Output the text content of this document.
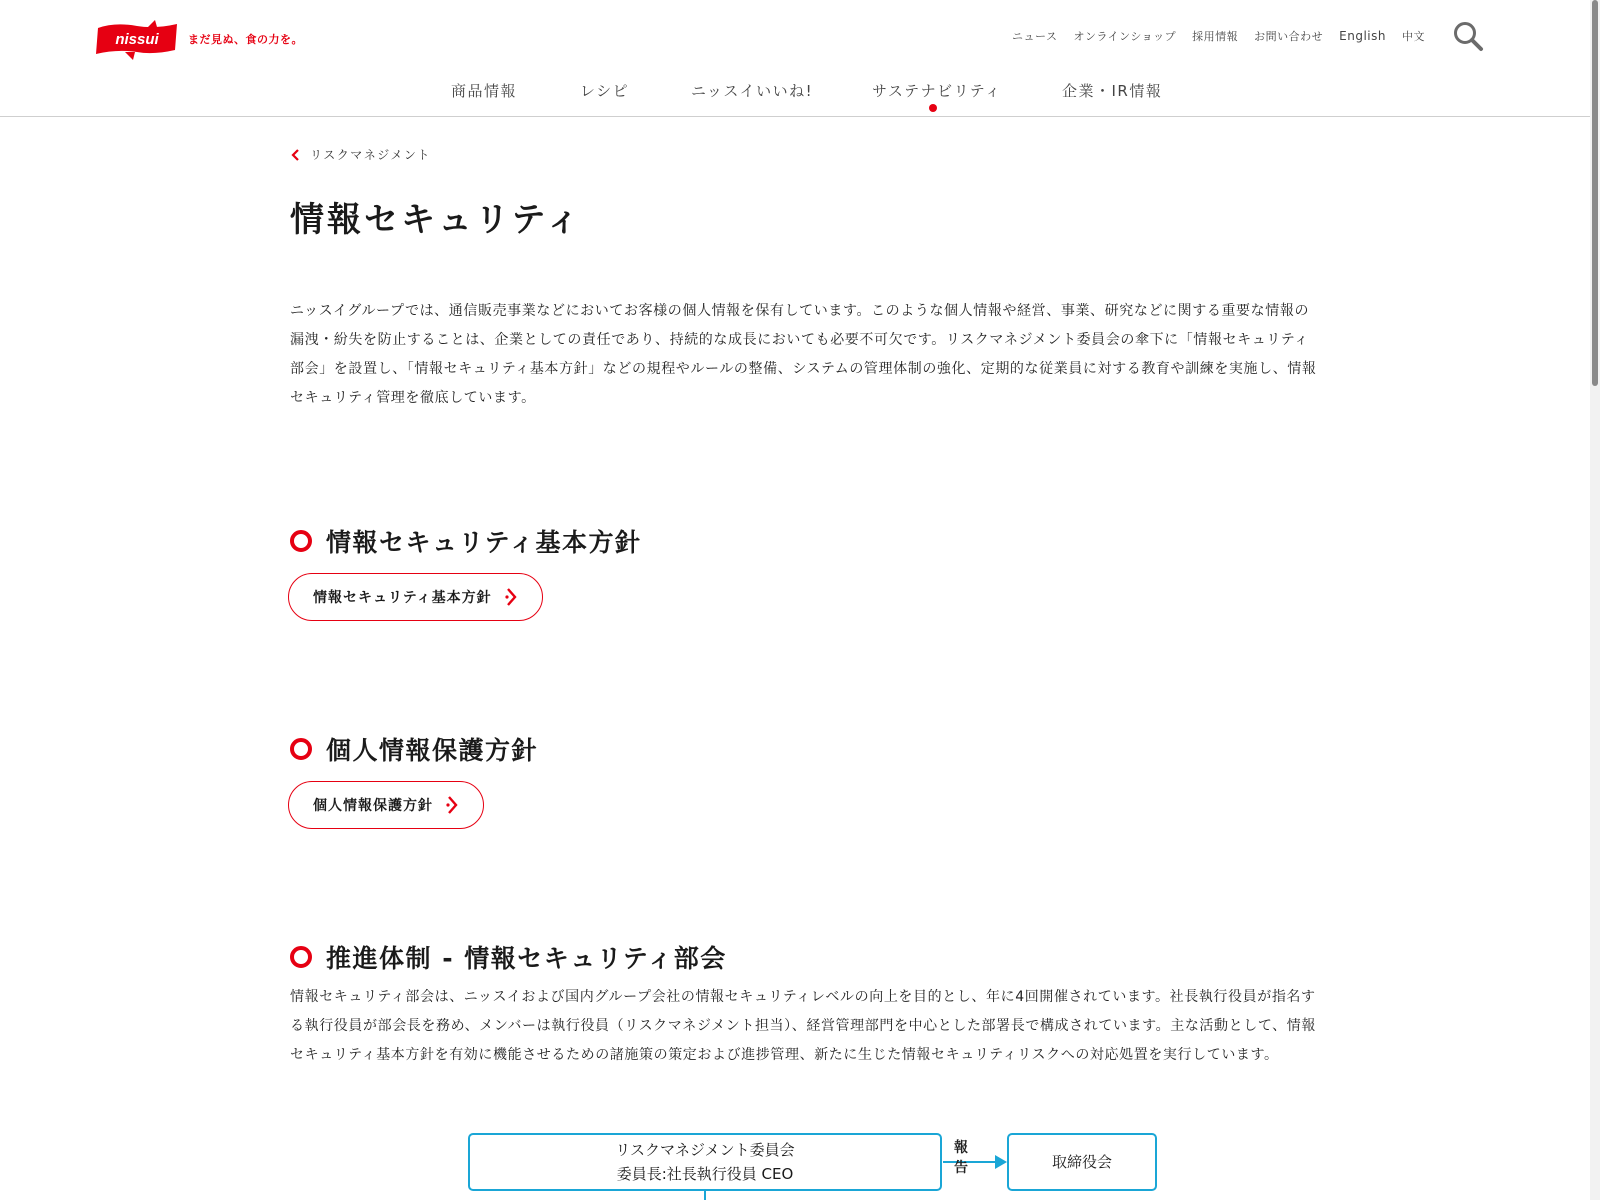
nissui	まだ見ぬ、食の力を。	ニュース オンラインショップ 採用情報 お問い合わせ English 中文
商品情報	レシピ	ニッスイいいね!	サステナビリティ	企業・IR情報
リスクマネジメント
情報セキュリティ

ニッスイグループでは、通信販売事業などにおいてお客様の個人情報を保有しています。このような個人情報や経営、事業、研究などに関する重要な情報の漏洩・紛失を防止することは、企業としての責任であり、持続的な成長においても必要不可欠です。リスクマネジメント委員会の傘下に「情報セキュリティ部会」を設置し、「情報セキュリティ基本方針」などの規程やルールの整備、システムの管理体制の強化、定期的な従業員に対する教育や訓練を実施し、情報セキュリティ管理を徹底しています。

情報セキュリティ基本方針
情報セキュリティ基本方針
個人情報保護方針
個人情報保護方針
推進体制 - 情報セキュリティ部会

情報セキュリティ部会は、ニッスイおよび国内グループ会社の情報セキュリティレベルの向上を目的とし、年に4回開催されています。社長執行役員が指名する執行役員が部会長を務め、メンバーは執行役員（リスクマネジメント担当）、経営管理部門を中心とした部署長で構成されています。主な活動として、情報セキュリティ基本方針を有効に機能させるための諸施策の策定および進捗管理、新たに生じた情報セキュリティリスクへの対応処置を実行しています。

リスクマネジメント委員会
委員長:社長執行役員 CEO
報告	取締役会
